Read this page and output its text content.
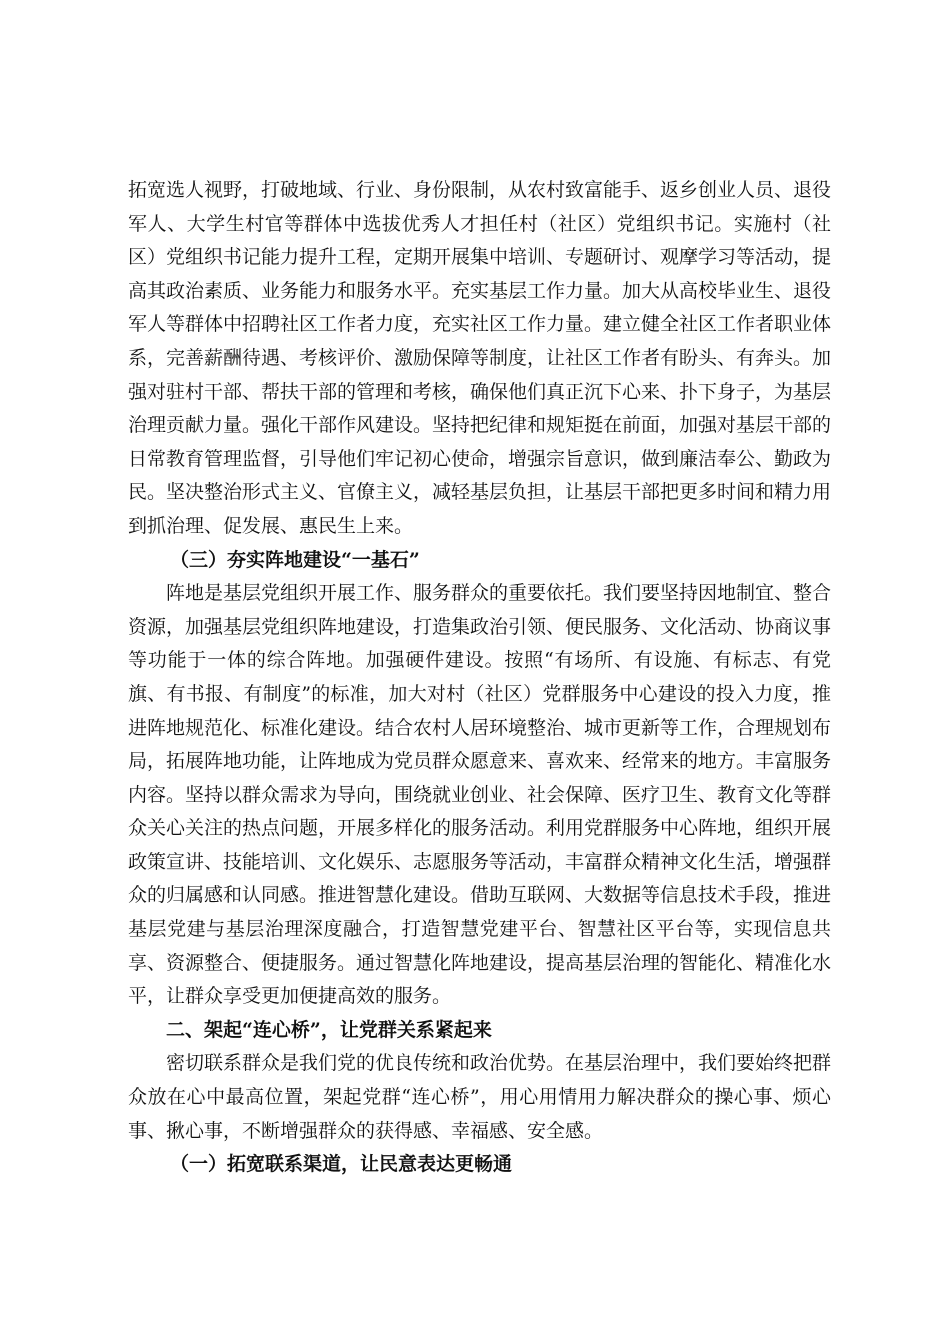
拓宽选人视野，打破地域、行业、身份限制，从农村致富能手、返乡创业人员、退役军人、大学生村官等群体中选拔优秀人才担任村（社区）党组织书记。实施村（社区）党组织书记能力提升工程，定期开展集中培训、专题研讨、观摩学习等活动，提高其政治素质、业务能力和服务水平。充实基层工作力量。加大从高校毕业生、退役军人等群体中招聘社区工作者力度，充实社区工作力量。建立健全社区工作者职业体系，完善薪酬待遇、考核评价、激励保障等制度，让社区工作者有盼头、有奔头。加强对驻村干部、帮扶干部的管理和考核，确保他们真正沉下心来、扑下身子，为基层治理贡献力量。强化干部作风建设。坚持把纪律和规矩挺在前面，加强对基层干部的日常教育管理监督，引导他们牢记初心使命，增强宗旨意识，做到廉洁奉公、勤政为民。坚决整治形式主义、官僚主义，减轻基层负担，让基层干部把更多时间和精力用到抓治理、促发展、惠民生上来。

（三）夯实阵地建设“一基石”

阵地是基层党组织开展工作、服务群众的重要依托。我们要坚持因地制宜、整合资源，加强基层党组织阵地建设，打造集政治引领、便民服务、文化活动、协商议事等功能于一体的综合阵地。加强硬件建设。按照“有场所、有设施、有标志、有党旗、有书报、有制度”的标准，加大对村（社区）党群服务中心建设的投入力度，推进阵地规范化、标准化建设。结合农村人居环境整治、城市更新等工作，合理规划布局，拓展阵地功能，让阵地成为党员群众愿意来、喜欢来、经常来的地方。丰富服务内容。坚持以群众需求为导向，围绕就业创业、社会保障、医疗卫生、教育文化等群众关心关注的热点问题，开展多样化的服务活动。利用党群服务中心阵地，组织开展政策宣讲、技能培训、文化娱乐、志愿服务等活动，丰富群众精神文化生活，增强群众的归属感和认同感。推进智慧化建设。借助互联网、大数据等信息技术手段，推进基层党建与基层治理深度融合，打造智慧党建平台、智慧社区平台等，实现信息共享、资源整合、便捷服务。通过智慧化阵地建设，提高基层治理的智能化、精准化水平，让群众享受更加便捷高效的服务。

二、架起“连心桥”，让党群关系紧起来

密切联系群众是我们党的优良传统和政治优势。在基层治理中，我们要始终把群众放在心中最高位置，架起党群“连心桥”，用心用情用力解决群众的操心事、烦心事、揪心事，不断增强群众的获得感、幸福感、安全感。

（一）拓宽联系渠道，让民意表达更畅通
